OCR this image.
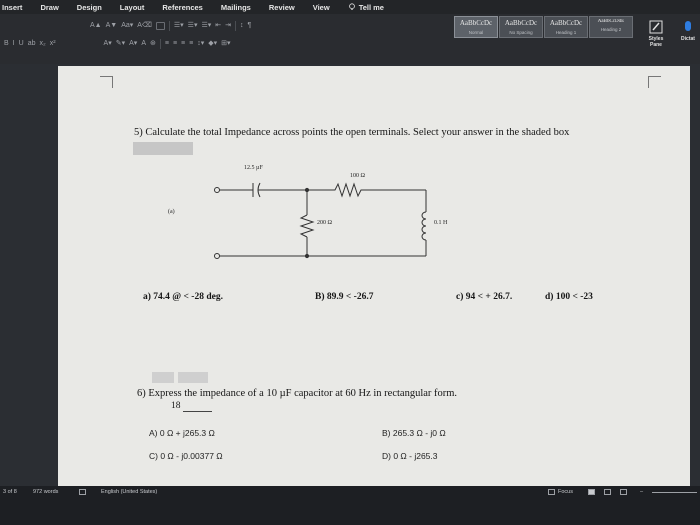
Insert Draw Design Layout References Mailings Review View	Tell me
A▲ A▼ Aa▾ A⌫	☰▾ ☰▾ ☰▾ ⇤ ⇥ ↕ ¶
B I U ab x₂ x²	A▾ ✎▾ A▾ A ⊛ ≡ ≡ ≡ ≡ ↕▾ ◆▾ ⊞▾
AaBbCcDc
Normal
AaBbCcDc
No Spacing
AaBbCcDc
Heading 1
AaBbCcDdE
Heading 2
Styles Pane
Dictat
5) Calculate the total Impedance across points the open terminals. Select your answer in the shaded box
12.5 µF
100 Ω
200 Ω	0.1 H
(a)
a) 74.4 @ < -28 deg.	B) 89.9 < -26.7	c) 94 < + 26.7.	d) 100 < -23
6) Express the impedance of a 10 µF capacitor at 60 Hz in rectangular form.
18
A) 0 Ω + j265.3 Ω	B) 265.3 Ω - j0 Ω
C) 0 Ω - j0.00377 Ω	D) 0 Ω - j265.3
3 of 8	972 words	English (United States)	Focus	–
